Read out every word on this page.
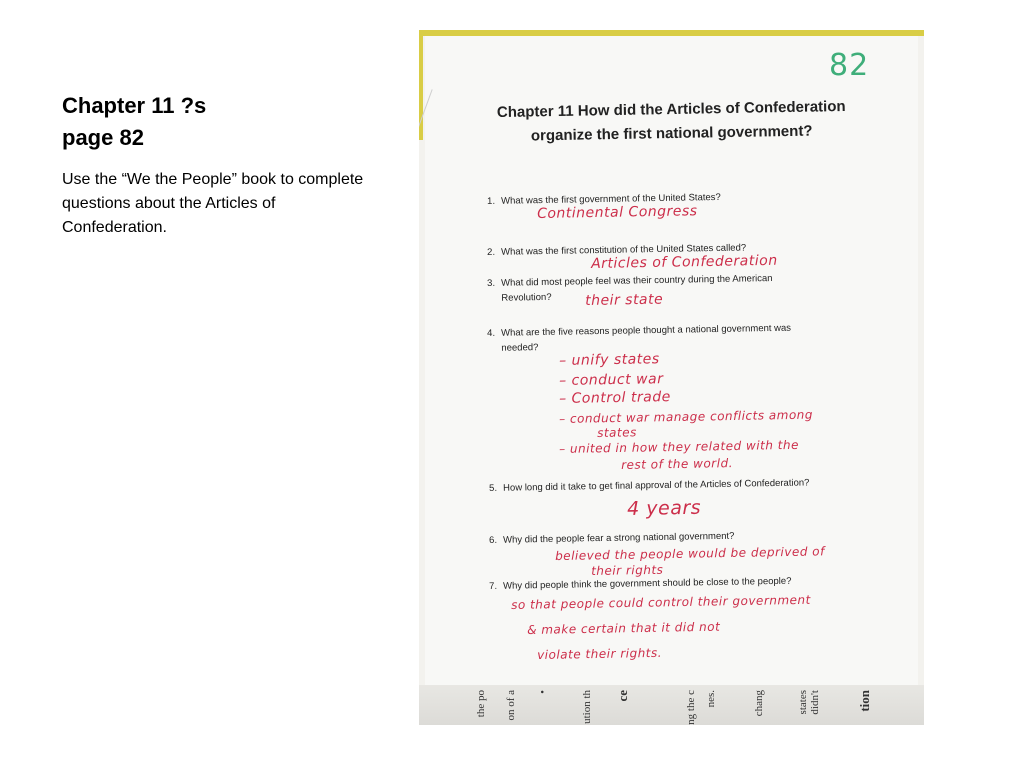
Chapter 11 ?s
page 82
Use the “We the People” book to complete questions about the Articles of Confederation.
82
Chapter 11 How did the Articles of Confederation
organize the first national government?
1. What was the first government of the United States?
Continental Congress
2. What was the first constitution of the United States called?
Articles of Confederation
3. What did most people feel was their country during the American
Revolution?	their state
4. What are the five reasons people thought a national government was
needed?
– unify states
– conduct war
– Control trade
– conduct war manage conflicts among
states
– united in how they related with the
rest of the world.
5. How long did it take to get final approval of the Articles of Confederation?
4 years
6. Why did the people fear a strong national government?
believed the people would be deprived of
their rights
7. Why did people think the government should be close to the people?
so that people could control their government
& make certain that it did not
violate their rights.
the po on of a •	ution th ce	ng the c nes.	chang	didn't
states	tion
